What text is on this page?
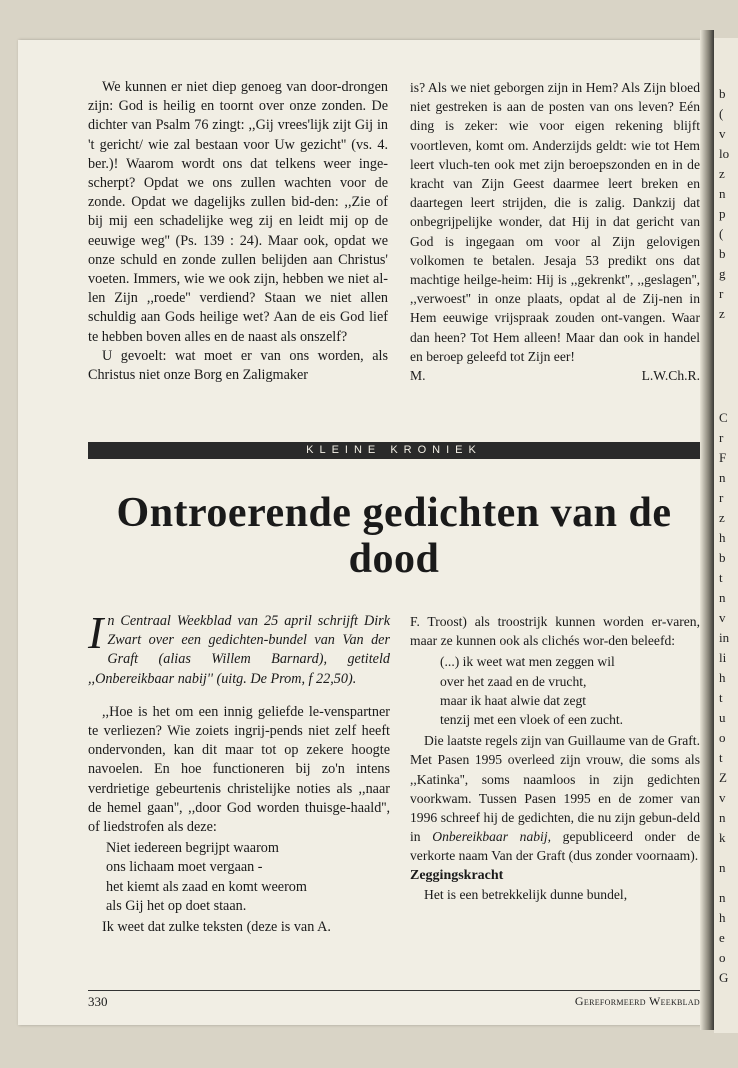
b
(
v
lo
z
n
p
(
b
g
r
z
C
r
F
n
r
z
h
b
t
n
v
in
li
h
t
u
o
t
Z
v
n
k
n
n
h
e
o
G

We kunnen er niet diep genoeg van door-drongen zijn: God is heilig en toornt over onze zonden. De dichter van Psalm 76 zingt: ,,Gij vrees'lijk zijt Gij in 't gericht/ wie zal bestaan voor Uw gezicht'' (vs. 4. ber.)! Waarom wordt ons dat telkens weer inge-scherpt? Opdat we ons zullen wachten voor de zonde. Opdat we dagelijks zullen bid-den: ,,Zie of bij mij een schadelijke weg zij en leidt mij op de eeuwige weg'' (Ps. 139 : 24). Maar ook, opdat we onze schuld en zonde zullen belijden aan Christus' voeten. Immers, wie we ook zijn, hebben we niet al-len Zijn ,,roede'' verdiend? Staan we niet allen schuldig aan Gods heilige wet? Aan de eis God lief te hebben boven alles en de naast als onszelf?

U gevoelt: wat moet er van ons worden, als Christus niet onze Borg en Zaligmaker

is? Als we niet geborgen zijn in Hem? Als Zijn bloed niet gestreken is aan de posten van ons leven? Eén ding is zeker: wie voor eigen rekening blijft voortleven, komt om. Anderzijds geldt: wie tot Hem leert vluch-ten ook met zijn beroepszonden en in de kracht van Zijn Geest daarmee leert breken en daartegen leert strijden, die is zalig. Dankzij dat onbegrijpelijke wonder, dat Hij in dat gericht van God is ingegaan om voor al Zijn gelovigen volkomen te betalen. Jesaja 53 predikt ons dat machtige heilge-heim: Hij is ,,gekrenkt'', ,,geslagen'', ,,verwoest'' in onze plaats, opdat al de Zij-nen in Hem eeuwige vrijspraak zouden ont-vangen. Waar dan heen? Tot Hem alleen! Maar dan ook in handel en beroep geleefd tot Zijn eer!

M.	L.W.Ch.R.
KLEINE KRONIEK
Ontroerende gedichten van de dood

In Centraal Weekblad van 25 april schrijft Dirk Zwart over een gedichten-bundel van Van der Graft (alias Willem Barnard), getiteld ,,Onbereikbaar nabij'' (uitg. De Prom, f 22,50).

,,Hoe is het om een innig geliefde le-venspartner te verliezen? Wie zoiets ingrij-pends niet zelf heeft ondervonden, kan dit maar tot op zekere hoogte navoelen. En hoe functioneren bij zo'n intens verdrietige gebeurtenis christelijke noties als ,,naar de hemel gaan'', ,,door God worden thuisge-haald'', of liedstrofen als deze:

Niet iedereen begrijpt waarom
ons lichaam moet vergaan -
het kiemt als zaad en komt weerom
als Gij het op doet staan.

Ik weet dat zulke teksten (deze is van A.

F. Troost) als troostrijk kunnen worden er-varen, maar ze kunnen ook als clichés wor-den beleefd:

(...) ik weet wat men zeggen wil
over het zaad en de vrucht,
maar ik haat alwie dat zegt
tenzij met een vloek of een zucht.

Die laatste regels zijn van Guillaume van de Graft. Met Pasen 1995 overleed zijn vrouw, die soms als ,,Katinka'', soms naamloos in zijn gedichten voorkwam. Tussen Pasen 1995 en de zomer van 1996 schreef hij de gedichten, die nu zijn gebun-deld in Onbereikbaar nabij, gepubliceerd onder de verkorte naam Van der Graft (dus zonder voornaam).

Zeggingskracht

Het is een betrekkelijk dunne bundel,

330	Gereformeerd Weekblad
